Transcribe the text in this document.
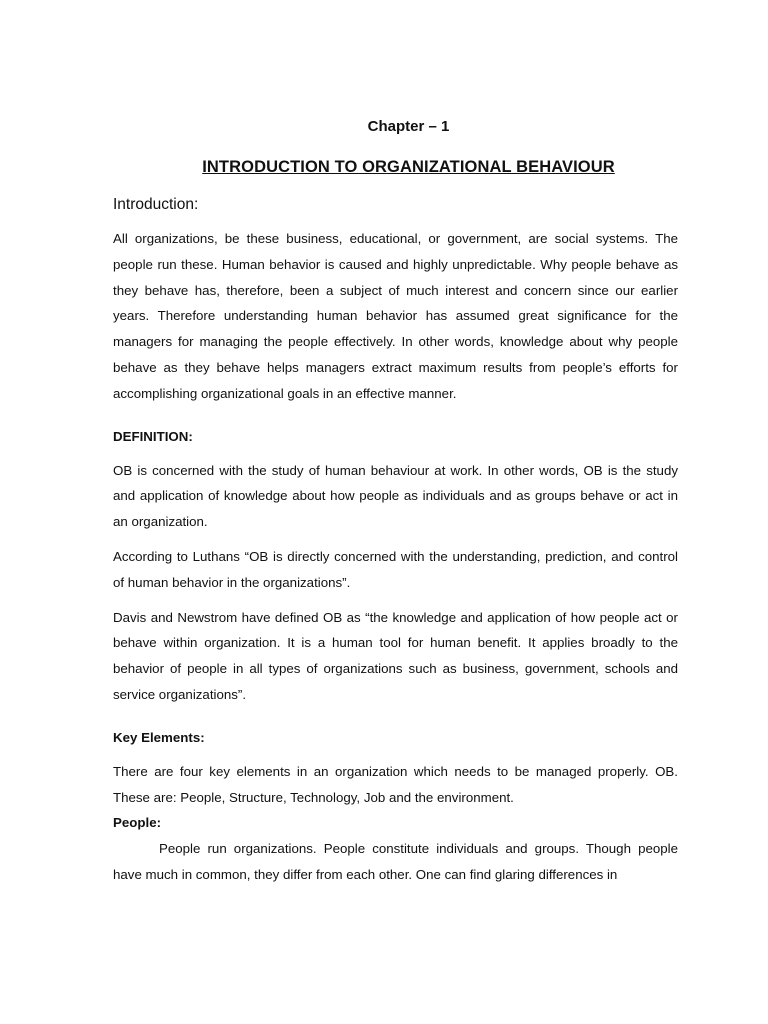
Chapter – 1
INTRODUCTION TO ORGANIZATIONAL BEHAVIOUR
Introduction:

All organizations, be these business, educational, or government, are social systems. The people run these. Human behavior is caused and highly unpredictable. Why people behave as they behave has, therefore, been a subject of much interest and concern since our earlier years. Therefore understanding human behavior has assumed great significance for the managers for managing the people effectively. In other words, knowledge about why people behave as they behave helps managers extract maximum results from people’s efforts for accomplishing organizational goals in an effective manner.

DEFINITION:

OB is concerned with the study of human behaviour at work. In other words, OB is the study and application of knowledge about how people as individuals and as groups behave or act in an organization.

According to Luthans “OB is directly concerned with the understanding, prediction, and control of human behavior in the organizations”.

Davis and Newstrom have defined OB as “the knowledge and application of how people act or behave within organization. It is a human tool for human benefit. It applies broadly to the behavior of people in all types of organizations such as business, government, schools and service organizations”.

Key Elements:

There are four key elements in an organization which needs to be managed properly. OB. These are: People, Structure, Technology, Job and the environment.

People:

People run organizations. People constitute individuals and groups. Though people have much in common, they differ from each other. One can find glaring differences in
